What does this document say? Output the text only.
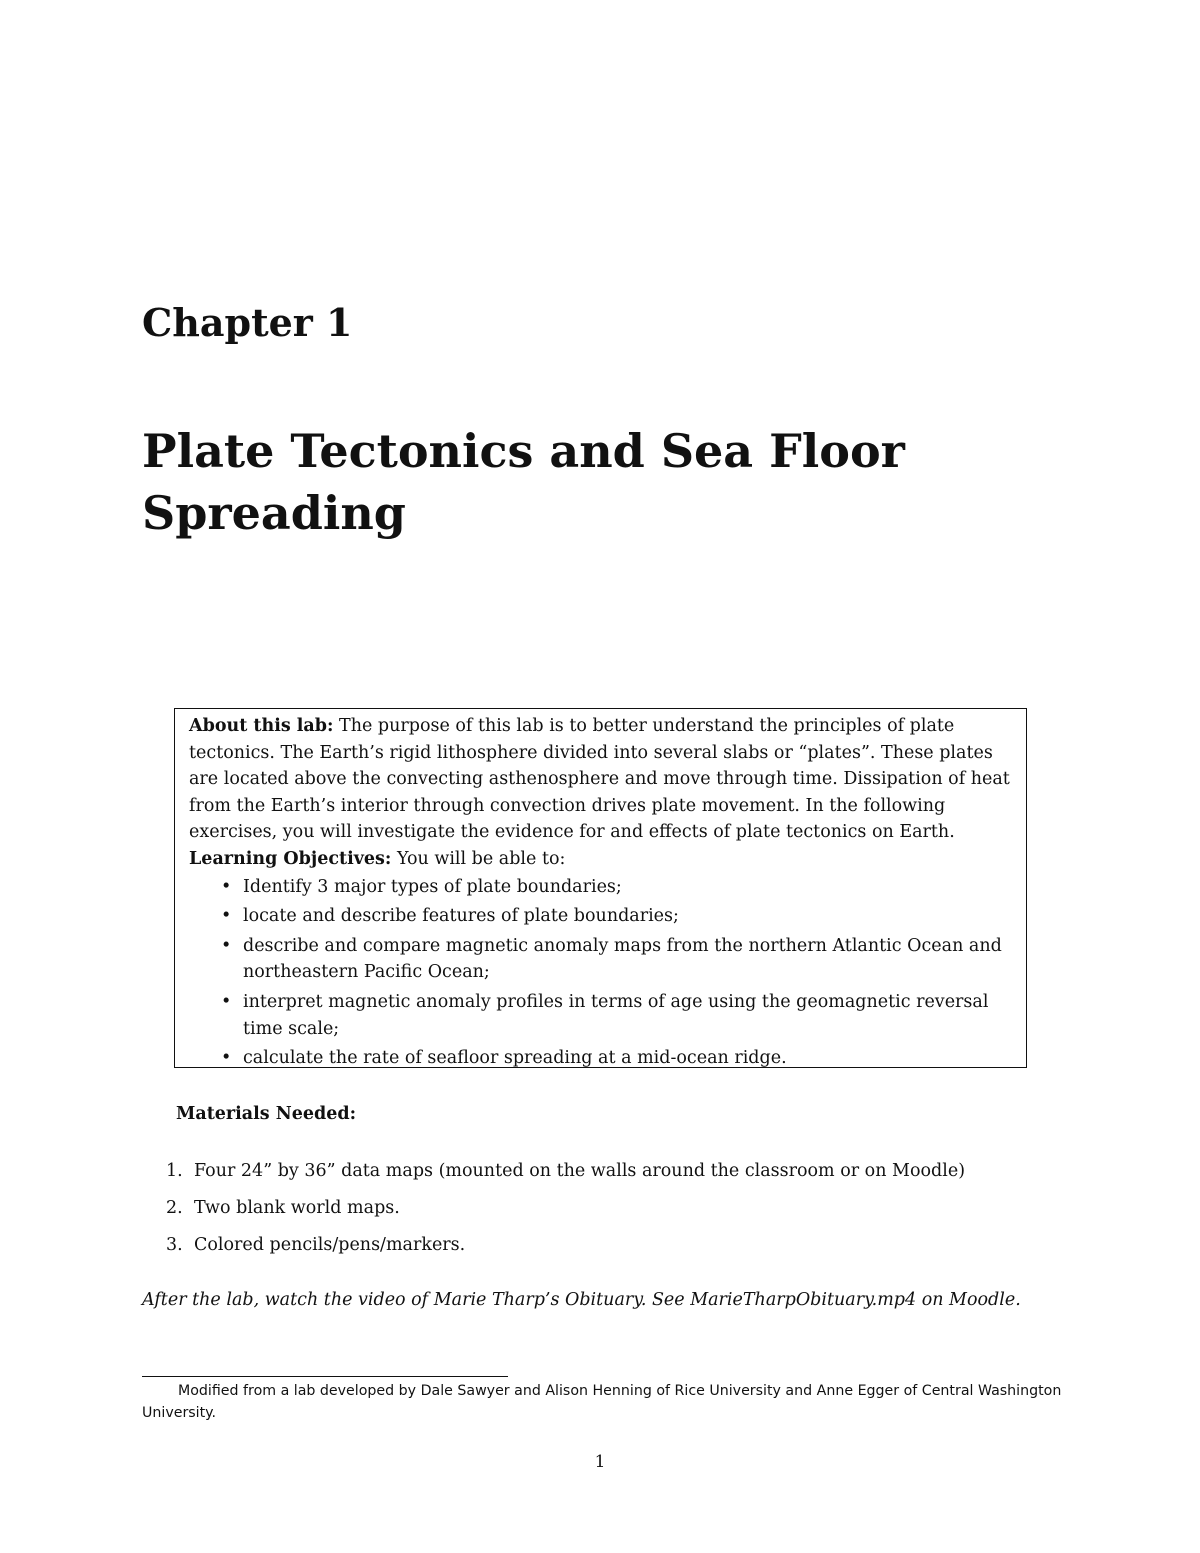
Chapter 1
Plate Tectonics and Sea Floor Spreading

About this lab: The purpose of this lab is to better understand the principles of plate tectonics. The Earth’s rigid lithosphere divided into several slabs or “plates”. These plates are located above the convecting asthenosphere and move through time. Dissipation of heat from the Earth’s interior through convection drives plate movement. In the following exercises, you will investigate the evidence for and effects of plate tectonics on Earth.

Learning Objectives: You will be able to:

• Identify 3 major types of plate boundaries;
• locate and describe features of plate boundaries;
• describe and compare magnetic anomaly maps from the northern Atlantic Ocean and northeastern Pacific Ocean;
• interpret magnetic anomaly profiles in terms of age using the geomagnetic reversal time scale;
• calculate the rate of seafloor spreading at a mid-ocean ridge.

Materials Needed:

1. Four 24” by 36” data maps (mounted on the walls around the classroom or on Moodle)
2. Two blank world maps.
3. Colored pencils/pens/markers.

After the lab, watch the video of Marie Tharp’s Obituary. See MarieTharpObituary.mp4 on Moodle.

Modified from a lab developed by Dale Sawyer and Alison Henning of Rice University and Anne Egger of Central Washington University.

1
